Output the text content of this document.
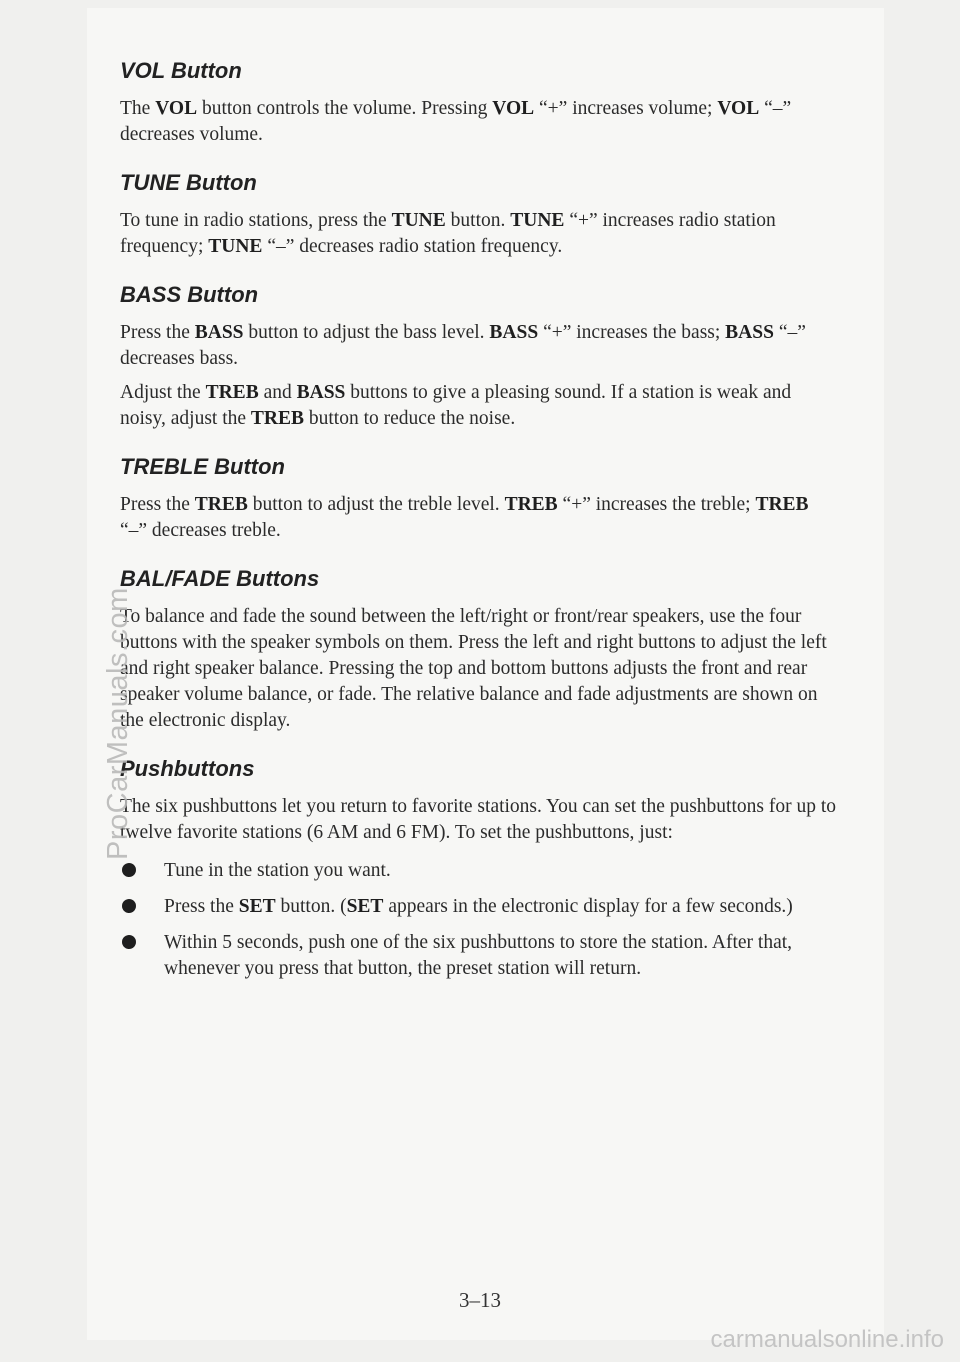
VOL Button

The VOL button controls the volume. Pressing VOL “+” increases volume; VOL “–” decreases volume.

TUNE Button

To tune in radio stations, press the TUNE button. TUNE “+” increases radio station frequency; TUNE “–” decreases radio station frequency.

BASS Button

Press the BASS button to adjust the bass level. BASS “+” increases the bass; BASS “–” decreases bass.

Adjust the TREB and BASS buttons to give a pleasing sound. If a station is weak and noisy, adjust the TREB button to reduce the noise.

TREBLE Button

Press the TREB button to adjust the treble level. TREB “+” increases the treble; TREB “–” decreases treble.

BAL/FADE Buttons

To balance and fade the sound between the left/right or front/rear speakers, use the four buttons with the speaker symbols on them. Press the left and right buttons to adjust the left and right speaker balance. Pressing the top and bottom buttons adjusts the front and rear speaker volume balance, or fade. The relative balance and fade adjustments are shown on the electronic display.

Pushbuttons

The six pushbuttons let you return to favorite stations. You can set the pushbuttons for up to twelve favorite stations (6 AM and 6 FM). To set the pushbuttons, just:

Tune in the station you want.
Press the SET button. (SET appears in the electronic display for a few seconds.)
Within 5 seconds, push one of the six pushbuttons to store the station. After that, whenever you press that button, the preset station will return.
3–13
ProCarManuals.com
carmanualsonline.info
